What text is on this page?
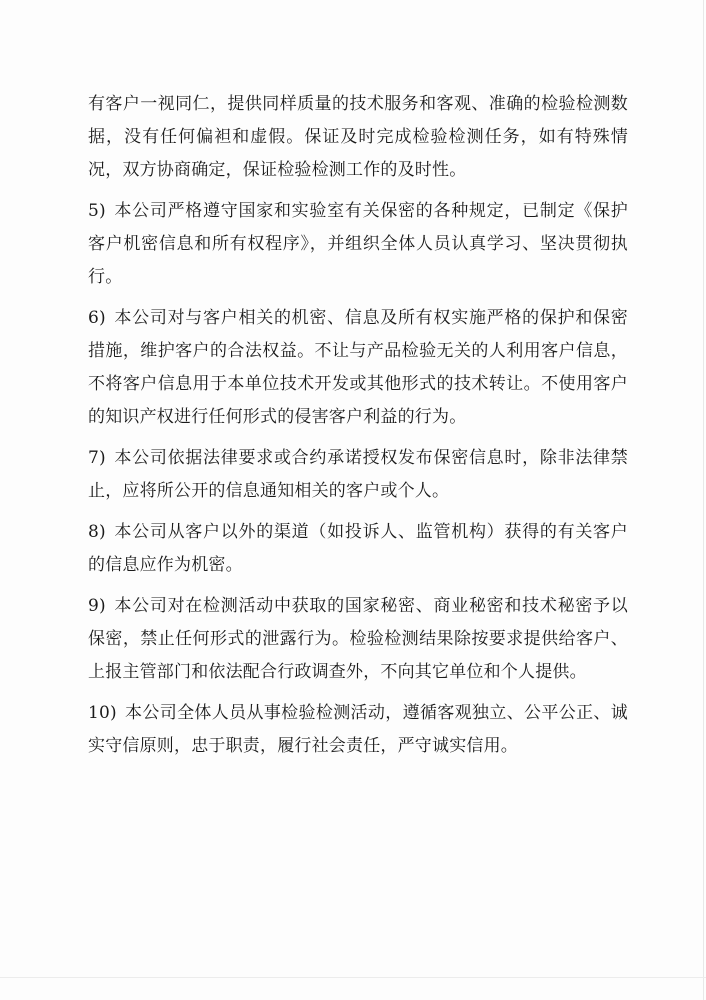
有客户一视同仁，提供同样质量的技术服务和客观、准确的检验检测数据，没有任何偏袒和虚假。保证及时完成检验检测任务，如有特殊情况，双方协商确定，保证检验检测工作的及时性。

5) 本公司严格遵守国家和实验室有关保密的各种规定，已制定《保护客户机密信息和所有权程序》，并组织全体人员认真学习、坚决贯彻执行。

6) 本公司对与客户相关的机密、信息及所有权实施严格的保护和保密措施，维护客户的合法权益。不让与产品检验无关的人利用客户信息，不将客户信息用于本单位技术开发或其他形式的技术转让。不使用客户的知识产权进行任何形式的侵害客户利益的行为。

7) 本公司依据法律要求或合约承诺授权发布保密信息时，除非法律禁止，应将所公开的信息通知相关的客户或个人。

8) 本公司从客户以外的渠道（如投诉人、监管机构）获得的有关客户的信息应作为机密。

9) 本公司对在检测活动中获取的国家秘密、商业秘密和技术秘密予以保密，禁止任何形式的泄露行为。检验检测结果除按要求提供给客户、上报主管部门和依法配合行政调查外，不向其它单位和个人提供。

10) 本公司全体人员从事检验检测活动，遵循客观独立、公平公正、诚实守信原则，忠于职责，履行社会责任，严守诚实信用。
